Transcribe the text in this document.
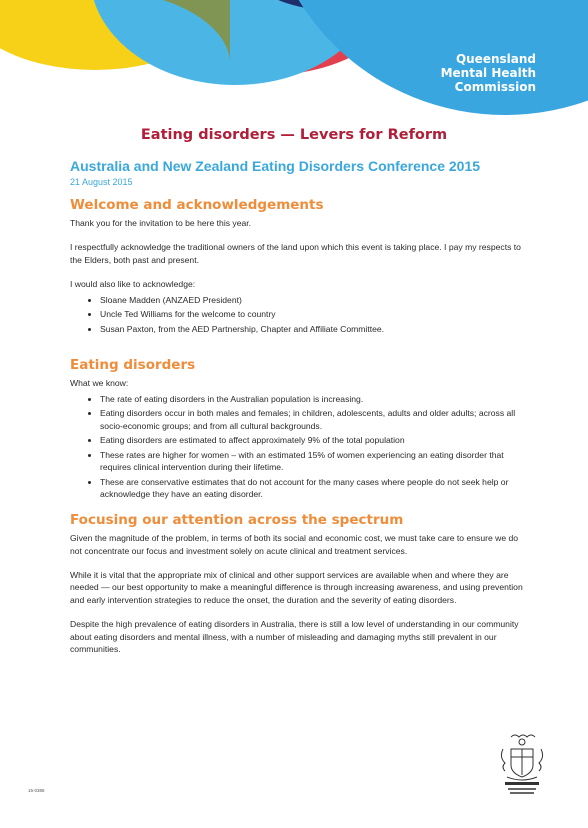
Queensland
Mental Health
Commission
Eating disorders — Levers for Reform
Australia and New Zealand Eating Disorders Conference 2015
21 August 2015
Welcome and acknowledgements

Thank you for the invitation to be here this year.

I respectfully acknowledge the traditional owners of the land upon which this event is taking place. I pay my respects to the Elders, both past and present.

I would also like to acknowledge:

• Sloane Madden (ANZAED President)
• Uncle Ted Williams for the welcome to country
• Susan Paxton, from the AED Partnership, Chapter and Affiliate Committee.
Eating disorders

What we know:

• The rate of eating disorders in the Australian population is increasing.
• Eating disorders occur in both males and females; in children, adolescents, adults and older adults; across all socio-economic groups; and from all cultural backgrounds.
• Eating disorders are estimated to affect approximately 9% of the total population
• These rates are higher for women – with an estimated 15% of women experiencing an eating disorder that requires clinical intervention during their lifetime.
• These are conservative estimates that do not account for the many cases where people do not seek help or acknowledge they have an eating disorder.
Focusing our attention across the spectrum

Given the magnitude of the problem, in terms of both its social and economic cost, we must take care to ensure we do not concentrate our focus and investment solely on acute clinical and treatment services.

While it is vital that the appropriate mix of clinical and other support services are available when and where they are needed — our best opportunity to make a meaningful difference is through increasing awareness, and using prevention and early intervention strategies to reduce the onset, the duration and the severity of eating disorders.

Despite the high prevalence of eating disorders in Australia, there is still a low level of understanding in our community about eating disorders and mental illness, with a number of misleading and damaging myths still prevalent in our communities.

15-0386
